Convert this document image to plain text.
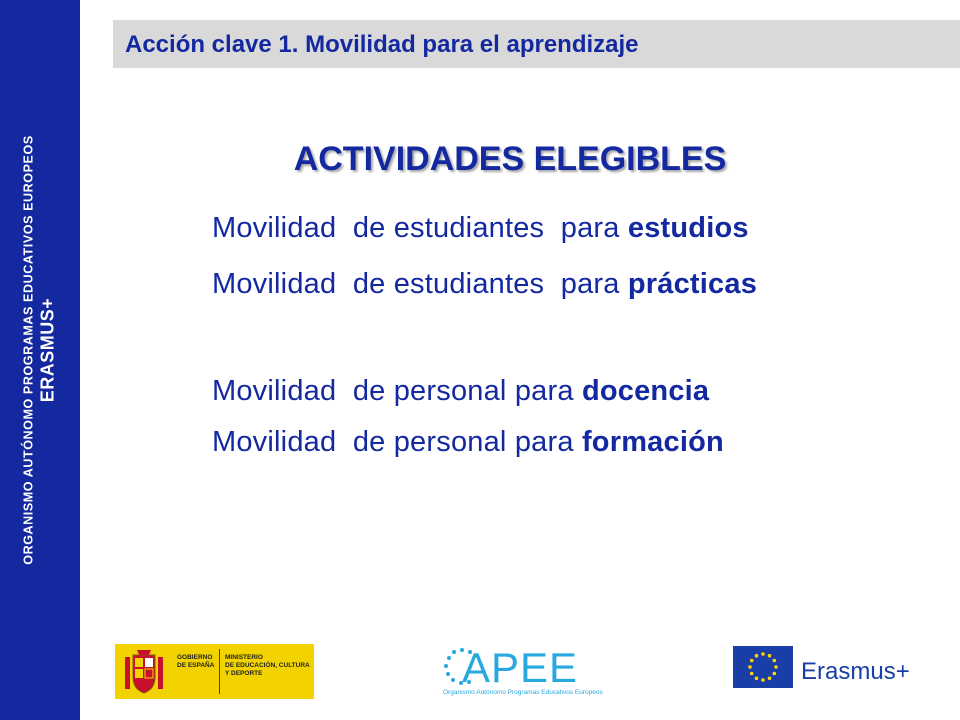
ORGANISMO AUTÓNOMO PROGRAMAS EDUCATIVOS EUROPEOS ERASMUS+
Acción clave 1. Movilidad para el aprendizaje
ACTIVIDADES ELEGIBLES
Movilidad  de estudiantes  para estudios
Movilidad  de estudiantes  para prácticas
Movilidad  de personal para docencia
Movilidad  de personal para formación
GOBIERNO
DE ESPAÑA
MINISTERIO
DE EDUCACIÓN, CULTURA
Y DEPORTE	APEE
Organismo Autónomo Programas Educativos Europeos
Erasmus+
